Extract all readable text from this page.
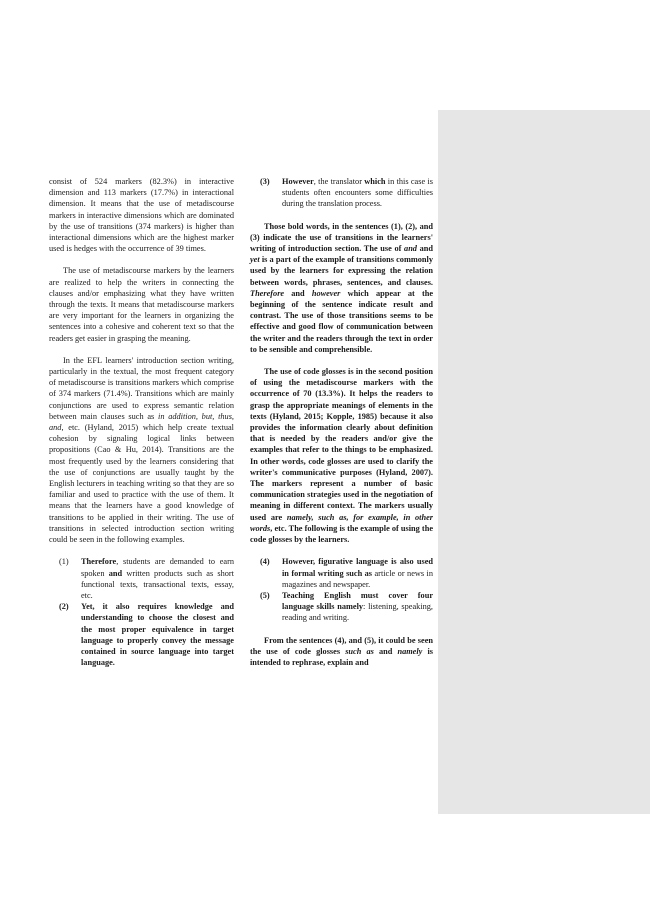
consist of 524 markers (82.3%) in interactive dimension and 113 markers (17.7%) in interactional dimension. It means that the use of metadiscourse markers in interactive dimensions which are dominated by the use of transitions (374 markers) is higher than interactional dimensions which are the highest marker used is hedges with the occurrence of 39 times.

The use of metadiscourse markers by the learners are realized to help the writers in connecting the clauses and/or emphasizing what they have written through the texts. It means that metadiscourse markers are very important for the learners in organizing the sentences into a cohesive and coherent text so that the readers get easier in grasping the meaning.

In the EFL learners' introduction section writing, particularly in the textual, the most frequent category of metadiscourse is transitions markers which comprise of 374 markers (71.4%). Transitions which are mainly conjunctions are used to express semantic relation between main clauses such as in addition, but, thus, and, etc. (Hyland, 2015) which help create textual cohesion by signaling logical links between propositions (Cao & Hu, 2014). Transitions are the most frequently used by the learners considering that the use of conjunctions are usually taught by the English lecturers in teaching writing so that they are so familiar and used to practice with the use of them. It means that the learners have a good knowledge of transitions to be applied in their writing. The use of transitions in selected introduction section writing could be seen in the following examples.

(1)	Therefore, students are demanded to earn spoken and written products such as short functional texts, transactional texts, essay, etc.
(2)	Yet, it also requires knowledge and understanding to choose the closest and the most proper equivalence in target language to properly convey the message contained in source language into target language.
(3)	However, the translator which in this case is students often encounters some difficulties during the translation process.

Those bold words, in the sentences (1), (2), and (3) indicate the use of transitions in the learners' writing of introduction section. The use of and and yet is a part of the example of transitions commonly used by the learners for expressing the relation between words, phrases, sentences, and clauses. Therefore and however which appear at the beginning of the sentence indicate result and contrast. The use of those transitions seems to be effective and good flow of communication between the writer and the readers through the text in order to be sensible and comprehensible.

The use of code glosses is in the second position of using the metadiscourse markers with the occurrence of 70 (13.3%). It helps the readers to grasp the appropriate meanings of elements in the texts (Hyland, 2015; Kopple, 1985) because it also provides the information clearly about definition that is needed by the readers and/or give the examples that refer to the things to be emphasized. In other words, code glosses are used to clarify the writer's communicative purposes (Hyland, 2007). The markers represent a number of basic communication strategies used in the negotiation of meaning in different context. The markers usually used are namely, such as, for example, in other words, etc. The following is the example of using the code glosses by the learners.

(4)	However, figurative language is also used in formal writing such as article or news in magazines and newspaper.
(5)	Teaching English must cover four language skills namely: listening, speaking, reading and writing.

From the sentences (4), and (5), it could be seen the use of code glosses such as and namely is intended to rephrase, explain and
